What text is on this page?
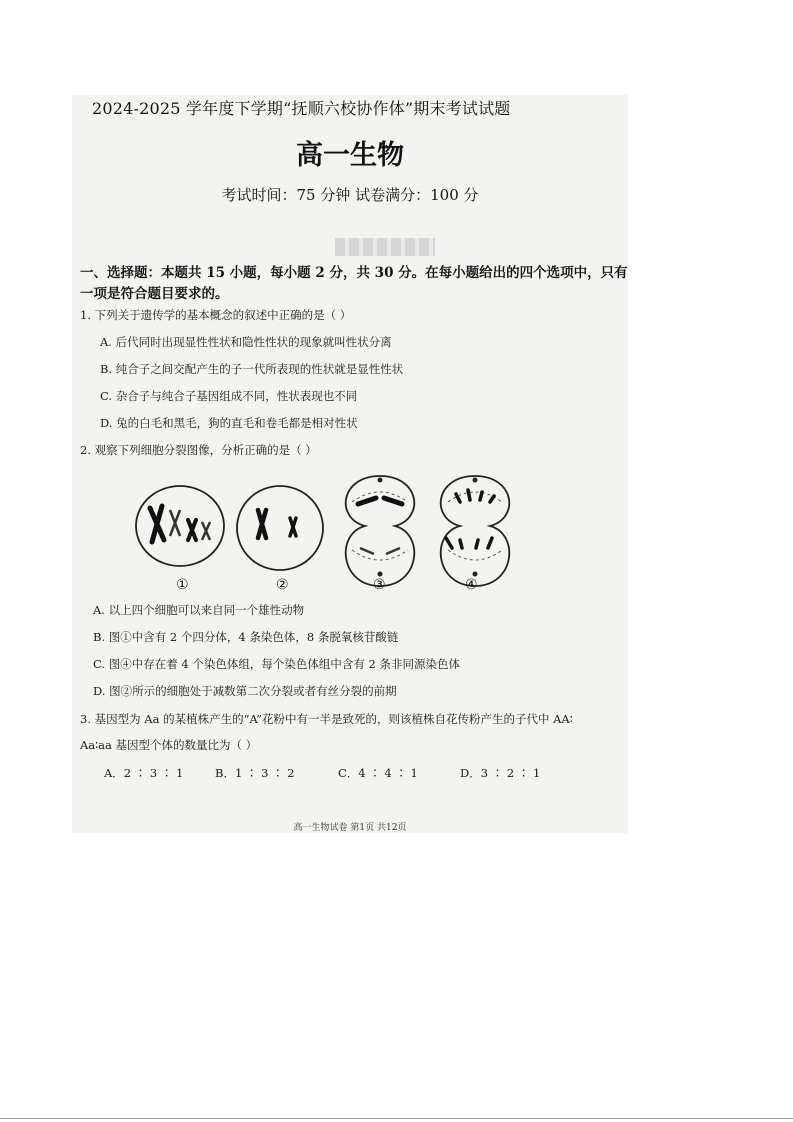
2024-2025 学年度下学期“抚顺六校协作体”期末考试试题
高一生物
考试时间：75 分钟 试卷满分：100 分
一、选择题：本题共 15 小题，每小题 2 分，共 30 分。在每小题给出的四个选项中，只有
一项是符合题目要求的。
1. 下列关于遗传学的基本概念的叙述中正确的是（ ）
A. 后代同时出现显性性状和隐性性状的现象就叫性状分离
B. 纯合子之间交配产生的子一代所表现的性状就是显性性状
C. 杂合子与纯合子基因组成不同，性状表现也不同
D. 兔的白毛和黑毛，狗的直毛和卷毛都是相对性状
2. 观察下列细胞分裂图像，分析正确的是（ ）
①	②	③	④
A. 以上四个细胞可以来自同一个雄性动物
B. 图①中含有 2 个四分体，4 条染色体，8 条脱氧核苷酸链
C. 图④中存在着 4 个染色体组，每个染色体组中含有 2 条非同源染色体
D. 图②所示的细胞处于减数第二次分裂或者有丝分裂的前期
3. 基因型为 Aa 的某植株产生的“A”花粉中有一半是致死的，则该植株自花传粉产生的子代中 AA∶
Aa∶aa 基因型个体的数量比为（ ）
A．2 ∶ 3 ∶ 1	B．1 ∶ 3 ∶ 2	C．4 ∶ 4 ∶ 1	D．3 ∶ 2 ∶ 1
高一生物试卷 第1页 共12页
